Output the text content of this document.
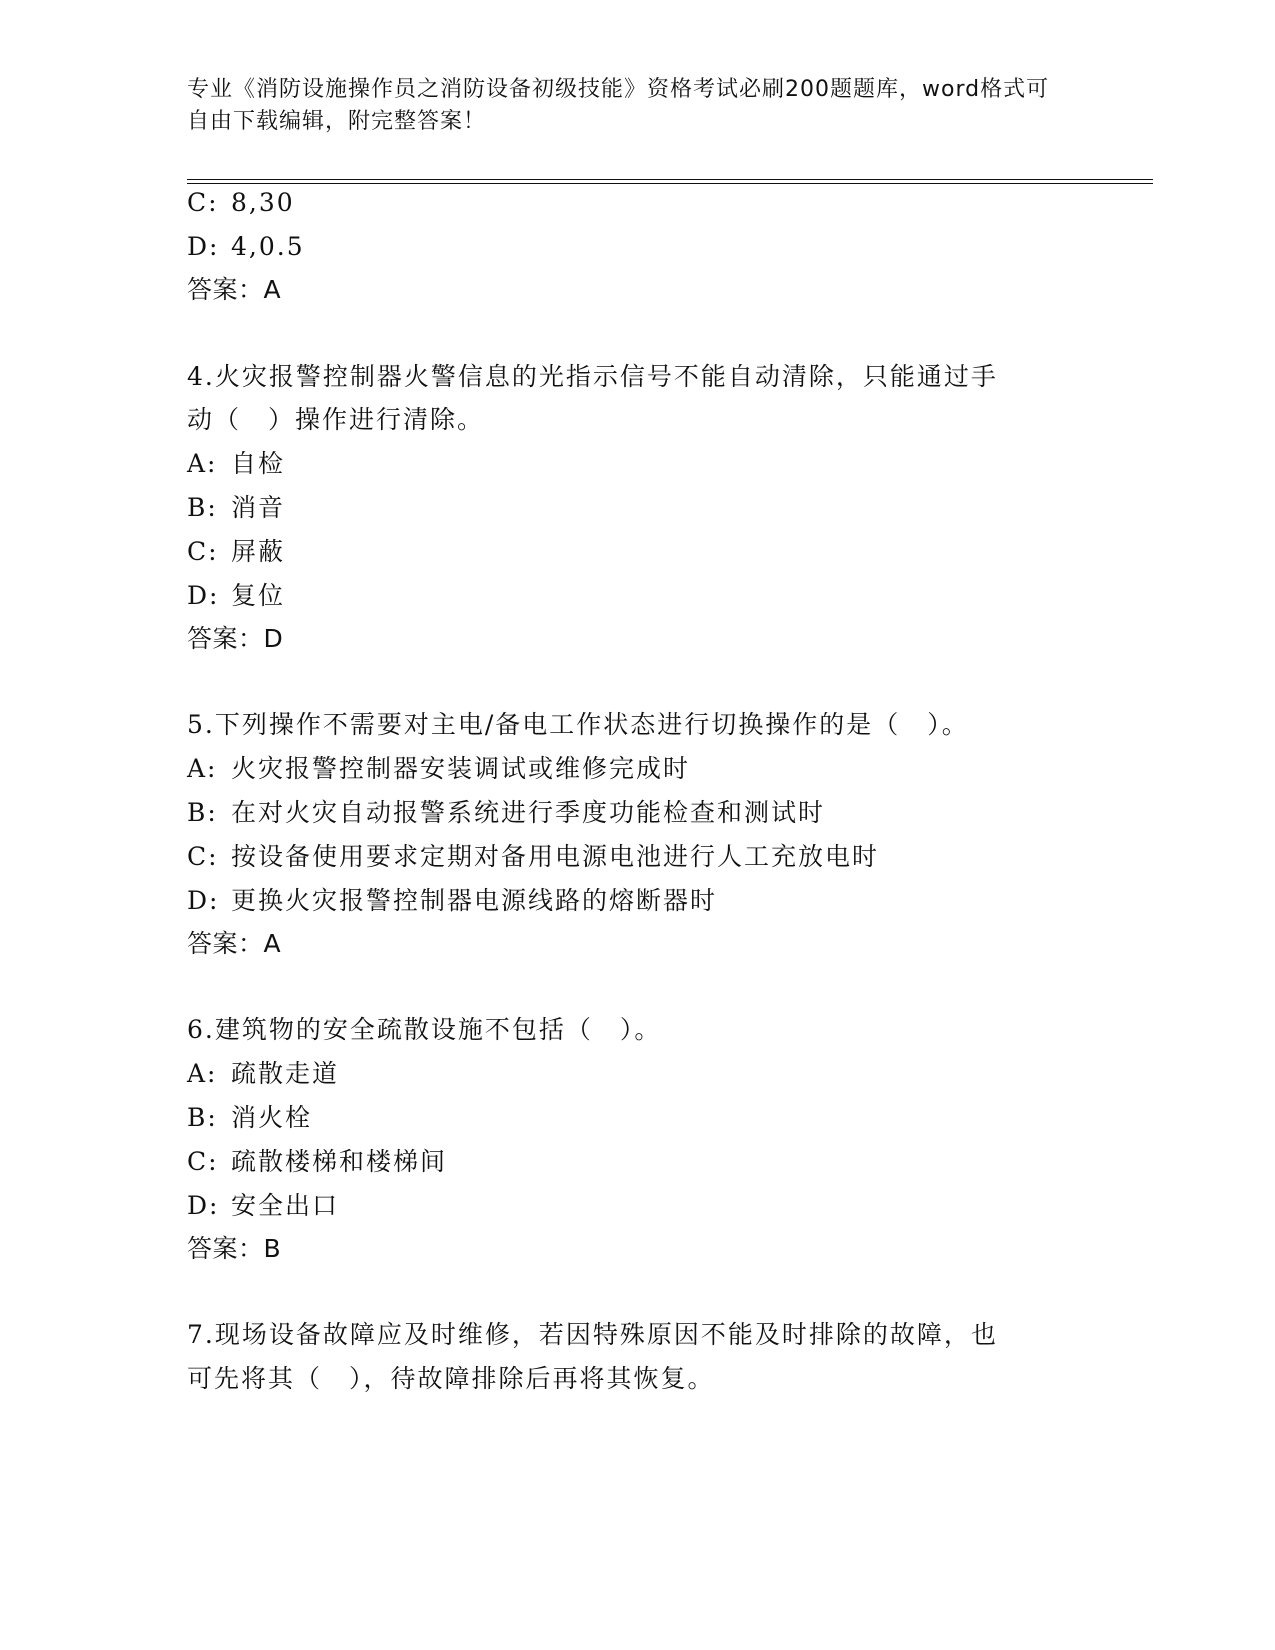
专业《消防设施操作员之消防设备初级技能》资格考试必刷200题题库，word格式可自由下载编辑，附完整答案！
C: 8,30
D: 4,0.5
答案：A
4.火灾报警控制器火警信息的光指示信号不能自动清除，只能通过手
动（　）操作进行清除。
A: 自检
B: 消音
C: 屏蔽
D: 复位
答案：D
5.下列操作不需要对主电/备电工作状态进行切换操作的是（　）。
A: 火灾报警控制器安装调试或维修完成时
B: 在对火灾自动报警系统进行季度功能检查和测试时
C: 按设备使用要求定期对备用电源电池进行人工充放电时
D: 更换火灾报警控制器电源线路的熔断器时
答案：A
6.建筑物的安全疏散设施不包括（　）。
A: 疏散走道
B: 消火栓
C: 疏散楼梯和楼梯间
D: 安全出口
答案：B
7.现场设备故障应及时维修，若因特殊原因不能及时排除的故障，也
可先将其（　），待故障排除后再将其恢复。
